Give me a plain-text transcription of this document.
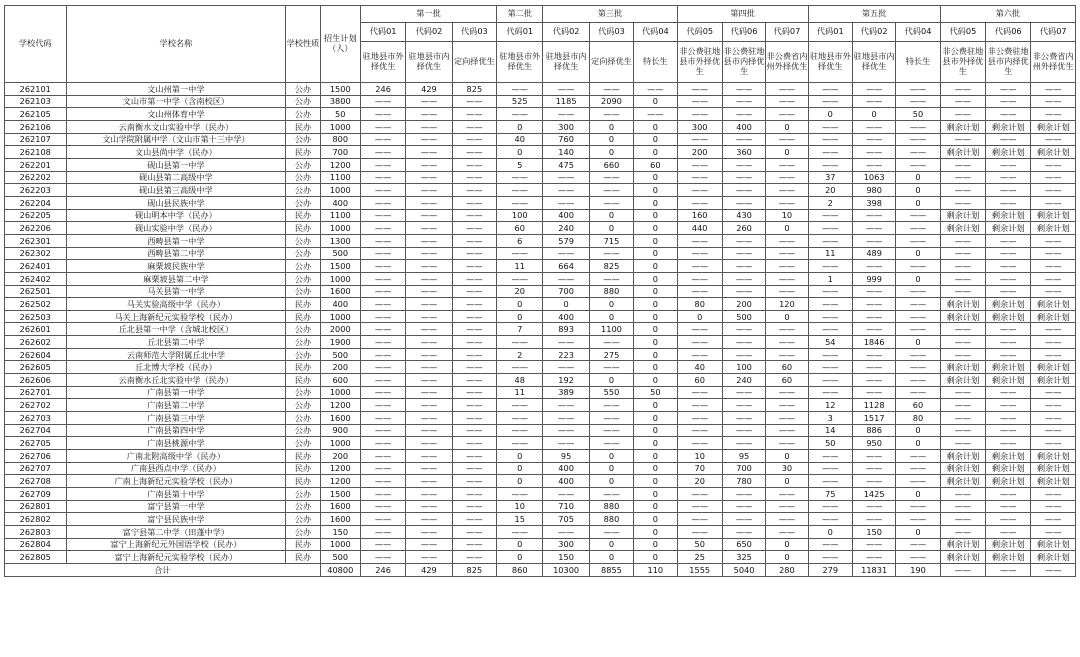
学校代码	学校名称	学校性质	招生计划（人）	第一批			第二批	第三批			第四批			第五批			第六批		
				代码01	代码02	代码03	代码01	代码02	代码03	代码04	代码05	代码06	代码07	代码01	代码02	代码04	代码05	代码06	代码07
				驻地县市外择优生	驻地县市内择优生	定向择优生	驻地县市外择优生	驻地县市内择优生	定向择优生	特长生	非公费驻地县市外择优生	非公费驻地县市内择优生	非公费省内州外择优生	驻地县市外择优生	驻地县市内择优生	特长生	非公费驻地县市外择优生	非公费驻地县市内择优生	非公费省内州外择优生
262101	文山州第一中学	公办	1500	246	429	825	——	——	——	——	——	——	——	——	——	——	——	——	——
262103	文山市第一中学（含南校区）	公办	3800	——	——	——	525	1185	2090	0	——	——	——	——	——	——	——	——	——
262105	文山州体育中学	公办	50	——	——	——	——	——	——	——	——	——	——	0	0	50	——	——	——
262106	云南衡水文山实验中学（民办）	民办	1000	——	——	——	0	300	0	0	300	400	0	——	——	——	剩余计划	剩余计划	剩余计划
262107	文山学院附属中学（文山市第十三中学）	公办	800	——	——	——	40	760	0	0	——	——	——	——	——	——	——	——	——
262108	文山县尚中学（民办）	民办	700	——	——	——	0	140	0	0	200	360	0	——	——	——	剩余计划	剩余计划	剩余计划
262201	砚山县第一中学	公办	1200	——	——	——	5	475	660	60	——	——	——	——	——	——	——	——	——
262202	砚山县第二高级中学	公办	1100	——	——	——	——	——	——	0	——	——	——	37	1063	0	——	——	——
262203	砚山县第三高级中学	公办	1000	——	——	——	——	——	——	0	——	——	——	20	980	0	——	——	——
262204	砚山县民族中学	公办	400	——	——	——	——	——	——	0	——	——	——	2	398	0	——	——	——
262205	砚山明本中学（民办）	民办	1100	——	——	——	100	400	0	0	160	430	10	——	——	——	剩余计划	剩余计划	剩余计划
262206	砚山实验中学（民办）	民办	1000	——	——	——	60	240	0	0	440	260	0	——	——	——	剩余计划	剩余计划	剩余计划
262301	西畴县第一中学	公办	1300	——	——	——	6	579	715	0	——	——	——	——	——	——	——	——	——
262302	西畴县第二中学	公办	500	——	——	——	——	——	——	0	——	——	——	11	489	0	——	——	——
262401	麻栗坡民族中学	公办	1500	——	——	——	11	664	825	0	——	——	——	——	——	——	——	——	——
262402	麻栗坡县第二中学	公办	1000	——	——	——	——	——	——	0	——	——	——	1	999	0	——	——	——
262501	马关县第一中学	公办	1600	——	——	——	20	700	880	0	——	——	——	——	——	——	——	——	——
262502	马关实验高级中学（民办）	民办	400	——	——	——	0	0	0	0	80	200	120	——	——	——	剩余计划	剩余计划	剩余计划
262503	马关上海新纪元实验学校（民办）	民办	1000	——	——	——	0	400	0	0	0	500	0	——	——	——	剩余计划	剩余计划	剩余计划
262601	丘北县第一中学（含城北校区）	公办	2000	——	——	——	7	893	1100	0	——	——	——	——	——	——	——	——	——
262602	丘北县第二中学	公办	1900	——	——	——	——	——	——	0	——	——	——	54	1846	0	——	——	——
262604	云南师范大学附属丘北中学	公办	500	——	——	——	2	223	275	0	——	——	——	——	——	——	——	——	——
262605	丘北博大学校（民办）	民办	200	——	——	——	——	——	——	0	40	100	60	——	——	——	剩余计划	剩余计划	剩余计划
262606	云南衡水丘北实验中学（民办）	民办	600	——	——	——	48	192	0	0	60	240	60	——	——	——	剩余计划	剩余计划	剩余计划
262701	广南县第一中学	公办	1000	——	——	——	11	389	550	50	——	——	——	——	——	——	——	——	——
262702	广南县第二中学	公办	1200	——	——	——	——	——	——	0	——	——	——	12	1128	60	——	——	——
262703	广南县第三中学	公办	1600	——	——	——	——	——	——	0	——	——	——	3	1517	80	——	——	——
262704	广南县第四中学	公办	900	——	——	——	——	——	——	0	——	——	——	14	886	0	——	——	——
262705	广南县桃源中学	公办	1000	——	——	——	——	——	——	0	——	——	——	50	950	0	——	——	——
262706	广南北附高级中学（民办）	民办	200	——	——	——	0	95	0	0	10	95	0	——	——	——	剩余计划	剩余计划	剩余计划
262707	广南县西点中学（民办）	民办	1200	——	——	——	0	400	0	0	70	700	30	——	——	——	剩余计划	剩余计划	剩余计划
262708	广南上海新纪元实验学校（民办）	民办	1200	——	——	——	0	400	0	0	20	780	0	——	——	——	剩余计划	剩余计划	剩余计划
262709	广南县第十中学	公办	1500	——	——	——	——	——	——	0	——	——	——	75	1425	0	——	——	——
262801	富宁县第一中学	公办	1600	——	——	——	10	710	880	0	——	——	——	——	——	——	——	——	——
262802	富宁县民族中学	公办	1600	——	——	——	15	705	880	0	——	——	——	——	——	——	——	——	——
262803	富宁县第二中学（田蓬中学）	公办	150	——	——	——	——	——	——	0	——	——	——	0	150	0	——	——	——
262804	富宁上海新纪元外国语学校（民办）	民办	1000	——	——	——	0	300	0	0	50	650	0	——	——	——	剩余计划	剩余计划	剩余计划
262805	富宁上海新纪元实验学校（民办）	民办	500	——	——	——	0	150	0	0	25	325	0	——	——	——	剩余计划	剩余计划	剩余计划
合计			40800	246	429	825	860	10300	8855	110	1555	5040	280	279	11831	190	——	——	——
